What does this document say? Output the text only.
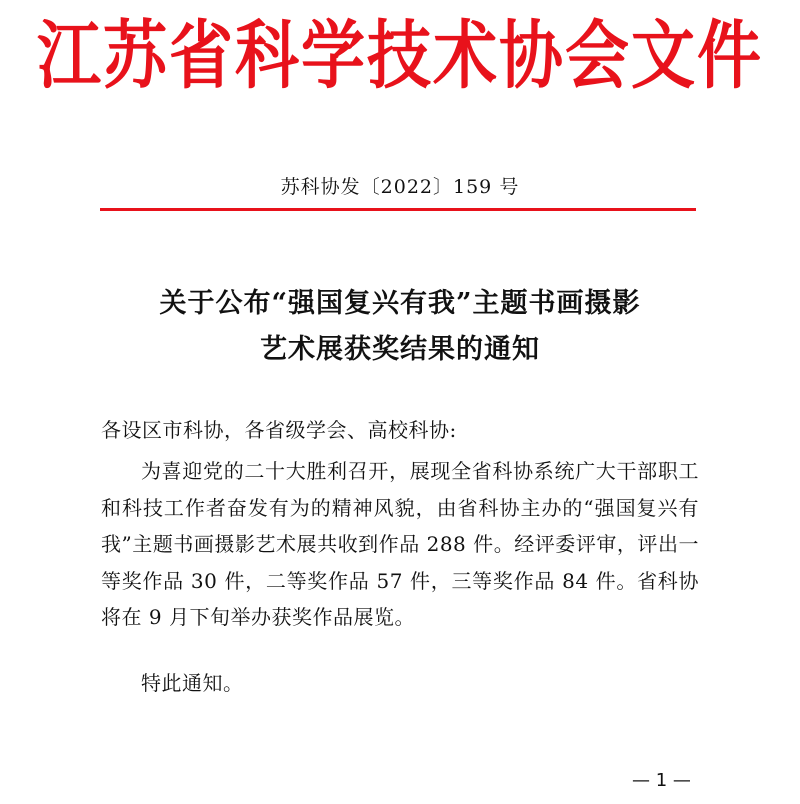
江苏省科学技术协会文件
苏科协发〔2022〕159 号
关于公布“强国复兴有我”主题书画摄影
艺术展获奖结果的通知
各设区市科协，各省级学会、高校科协:

为喜迎党的二十大胜利召开，展现全省科协系统广大干部职工和科技工作者奋发有为的精神风貌，由省科协主办的“强国复兴有我”主题书画摄影艺术展共收到作品 288 件。经评委评审，评出一等奖作品 30 件，二等奖作品 57 件，三等奖作品 84 件。省科协将在 9 月下旬举办获奖作品展览。

特此通知。
— 1 —
